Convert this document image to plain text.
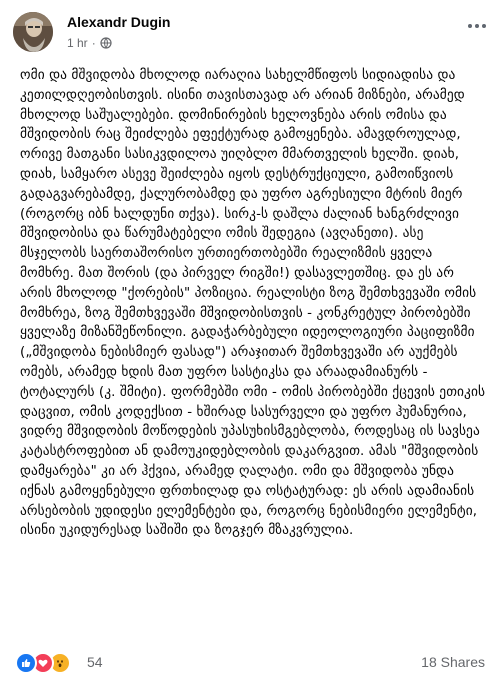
Alexandr Dugin
1 hr ·
ომი და მშვიდობა მხოლოდ იარაღია სახელმწიფოს სიდიადისა და კეთილდღეობისთვის. ისინი თავისთავად არ არიან მიზნები, არამედ მხოლოდ საშუალებები. დომინირების ხელოვნება არის ომისა და მშვიდობის რაც შეიძლება ეფექტურად გამოყენება. ამავდროულად, ორივე მათგანი სასიკვდილოა უიღბლო მმართველის ხელში. დიახ, დიახ, სამყარო ასევე შეიძლება იყოს დესტრუქციული, გამოიწვიოს გადაგვარებამდე, ქალურობამდე და უფრო აგრესიული მტრის მიერ (როგორც იბნ ხალდუნი თქვა). სირკ-ს დაშლა ძალიან ხანგრძლივი მშვიდობისა და წარუმატებელი ომის შედეგია (ავღანეთი). ასე მსჯელობს საერთაშორისო ურთიერთობებში რეალიზმის ყველა მომხრე. მათ შორის (და პირველ რიგში!) დასავლეთშიც. და ეს არ არის მხოლოდ "ქორების" პოზიცია. რეალისტი ზოგ შემთხვევაში ომის მომხრეა, ზოგ შემთხვევაში მშვიდობისთვის - კონკრეტულ პირობებში ყველაზე მიზანშეწონილი. გადაჭარბებული იდეოლოგიური პაციფიზმი („მშვიდობა ნებისმიერ ფასად") არაჯითარ შემთხვევაში არ აუქმებს ომებს, არამედ ხდის მათ უფრო სასტიკსა და არაადამიანურს - ტოტალურს (კ. შმიტი). ფორმებში ომი - ომის პირობებში ქცევის ეთიკის დაცვით, ომის კოდექსით - ხშირად სასურველი და უფრო ჰუმანურია, ვიდრე მშვიდობის მოწოდების უპასუხისმგებლობა, როდესაც ის სავსეა კატასტროფებით ან დამოუკიდებლობის დაკარგვით. ამას "მშვიდობის დამყარება" კი არ ჰქვია, არამედ ღალატი. ომი და მშვიდობა უნდა იქნას გამოყენებული ფრთხილად და ოსტატურად: ეს არის ადამიანის არსებობის უდიდესი ელემენტები და, როგორც ნებისმიერი ელემენტი, ისინი უკიდურესად საშიში და ზოგჯერ მზაკვრულია.
54	18 Shares
